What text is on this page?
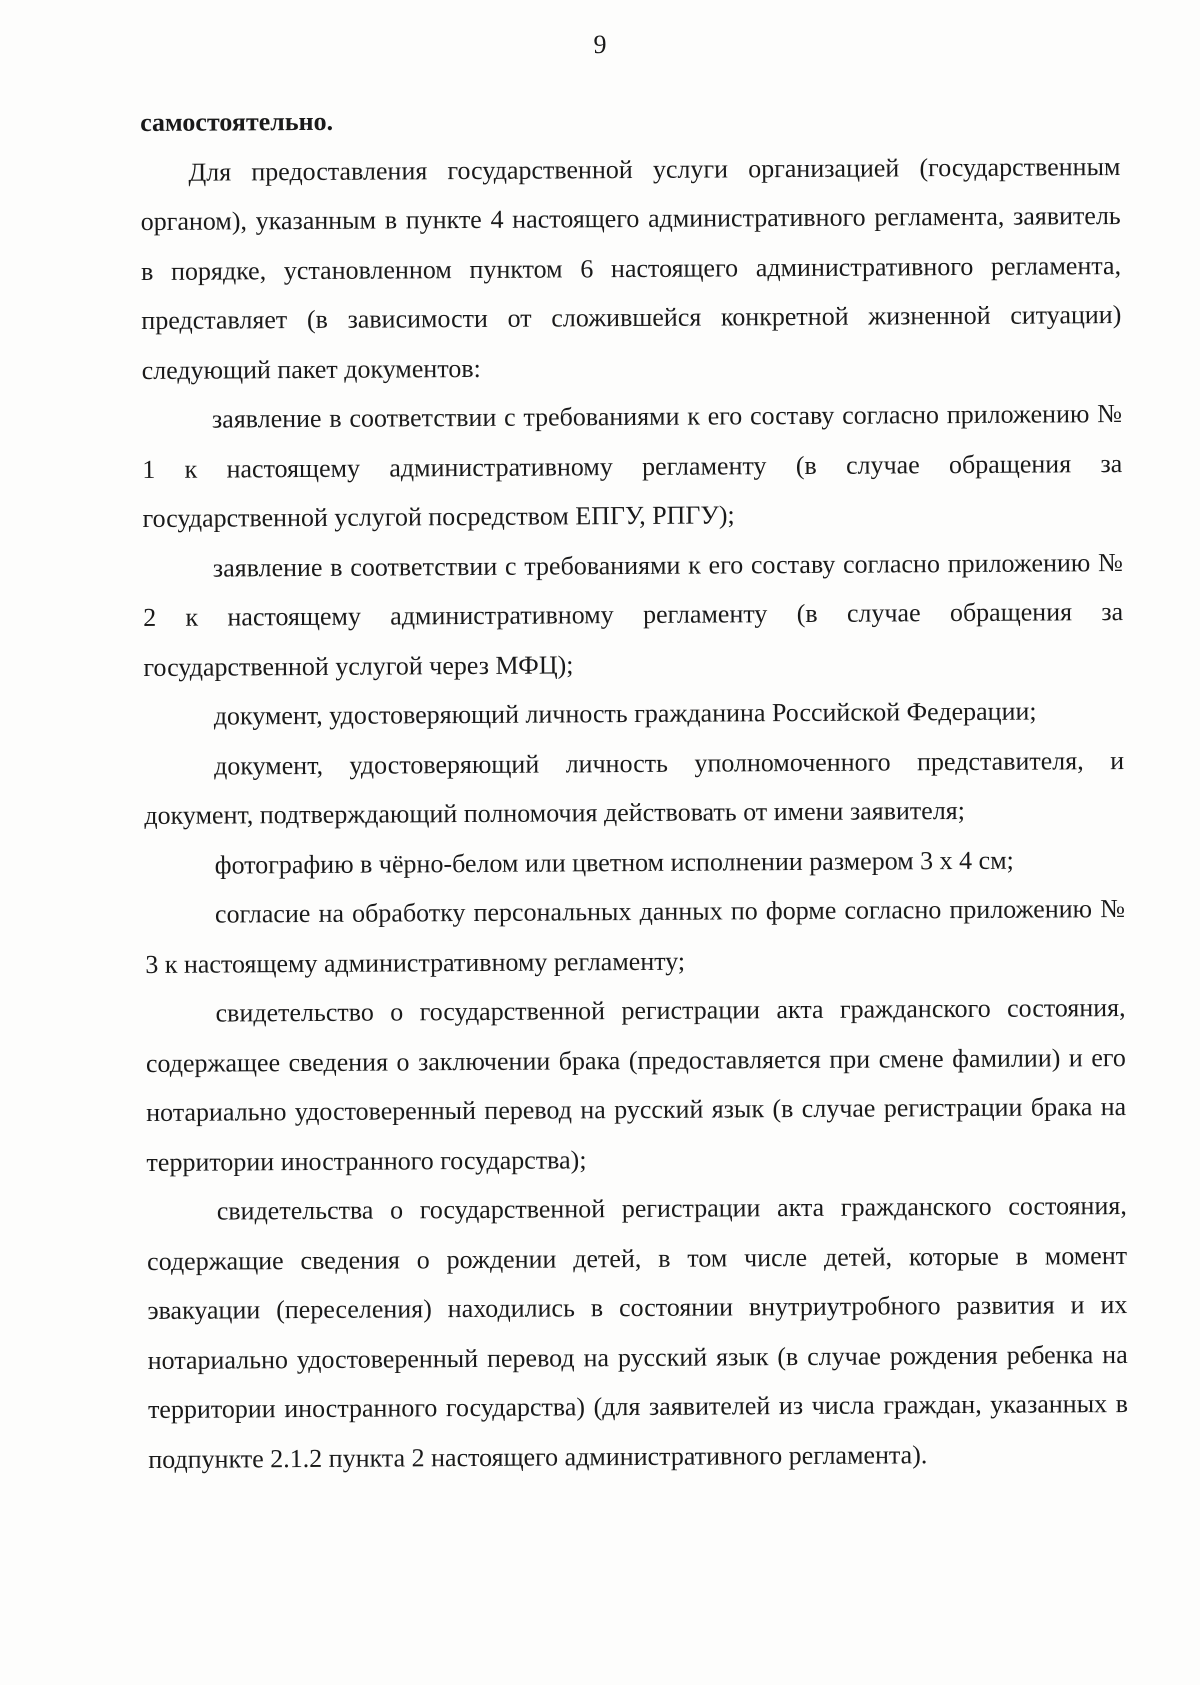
9

самостоятельно.

Для предоставления государственной услуги организацией (государственным органом), указанным в пункте 4 настоящего административного регламента, заявитель в порядке, установленном пунктом 6 настоящего административного регламента, представляет (в зависимости от сложившейся конкретной жизненной ситуации) следующий пакет документов:

заявление в соответствии с требованиями к его составу согласно приложению № 1 к настоящему административному регламенту (в случае обращения за государственной услугой посредством ЕПГУ, РПГУ);

заявление в соответствии с требованиями к его составу согласно приложению № 2 к настоящему административному регламенту (в случае обращения за государственной услугой через МФЦ);

документ, удостоверяющий личность гражданина Российской Федерации;

документ, удостоверяющий личность уполномоченного представителя, и документ, подтверждающий полномочия действовать от имени заявителя;

фотографию в чёрно-белом или цветном исполнении размером 3 х 4 см;

согласие на обработку персональных данных по форме согласно приложению № 3 к настоящему административному регламенту;

свидетельство о государственной регистрации акта гражданского состояния, содержащее сведения о заключении брака (предоставляется при смене фамилии) и его нотариально удостоверенный перевод на русский язык (в случае регистрации брака на территории иностранного государства);

свидетельства о государственной регистрации акта гражданского состояния, содержащие сведения о рождении детей, в том числе детей, которые в момент эвакуации (переселения) находились в состоянии внутриутробного развития и их нотариально удостоверенный перевод на русский язык (в случае рождения ребенка на территории иностранного государства) (для заявителей из числа граждан, указанных в подпункте 2.1.2 пункта 2 настоящего административного регламента).
